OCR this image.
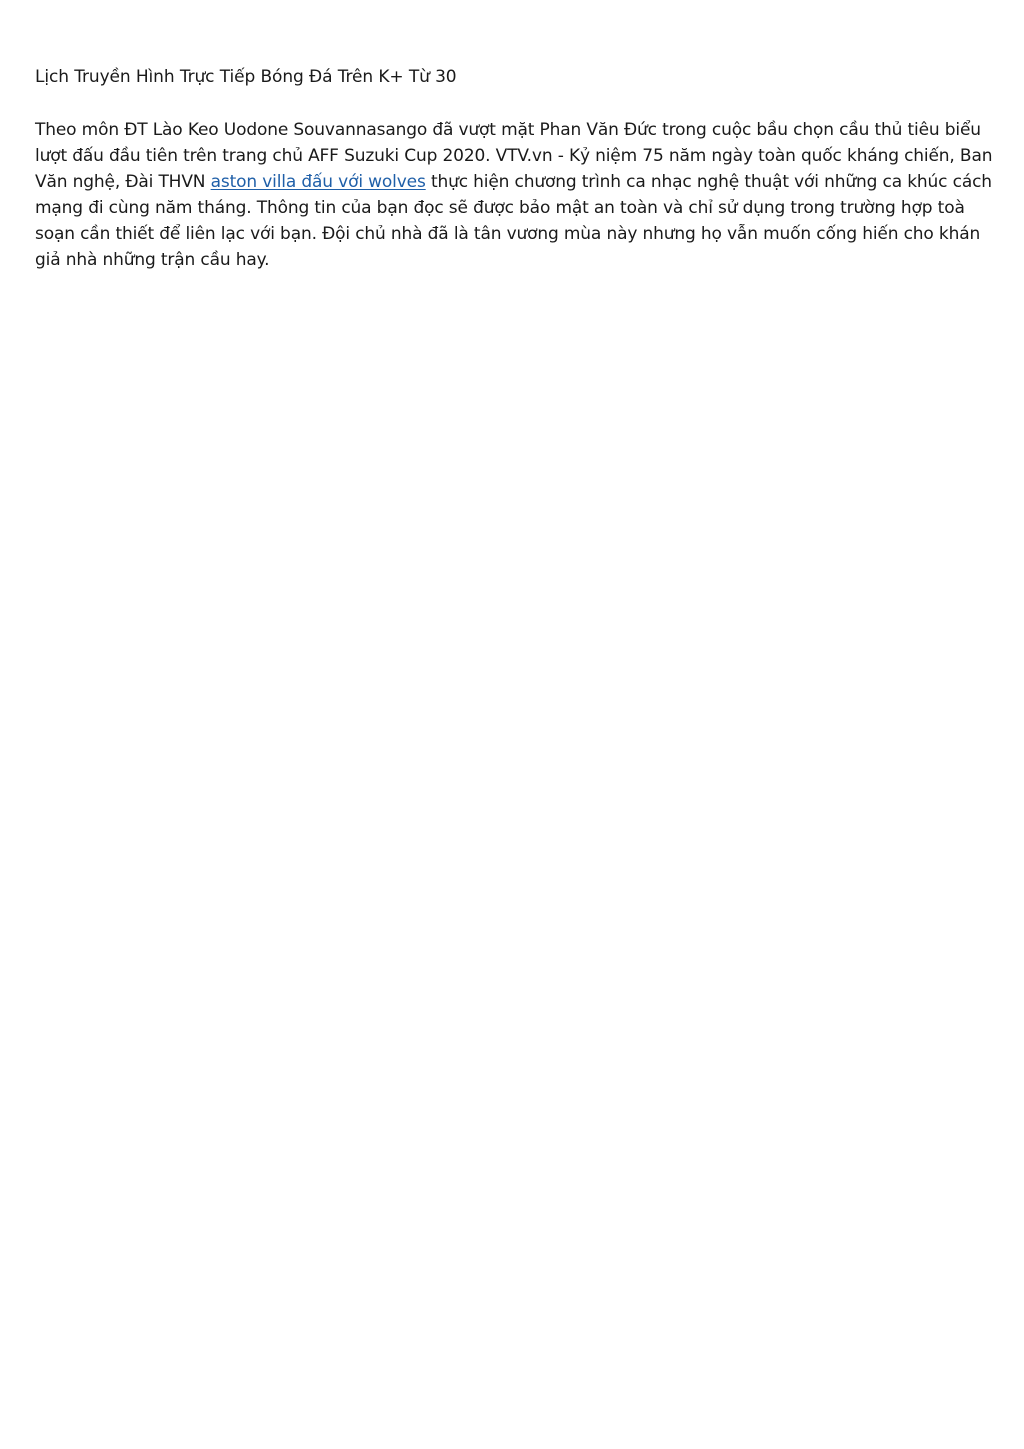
Lịch Truyền Hình Trực Tiếp Bóng Đá Trên K+ Từ 30

Theo môn ĐT Lào Keo Uodone Souvannasango đã vượt mặt Phan Văn Đức trong cuộc bầu chọn cầu thủ tiêu biểu lượt đấu đầu tiên trên trang chủ AFF Suzuki Cup 2020. VTV.vn - Kỷ niệm 75 năm ngày toàn quốc kháng chiến, Ban Văn nghệ, Đài THVN aston villa đấu với wolves thực hiện chương trình ca nhạc nghệ thuật với những ca khúc cách mạng đi cùng năm tháng. Thông tin của bạn đọc sẽ được bảo mật an toàn và chỉ sử dụng trong trường hợp toà soạn cần thiết để liên lạc với bạn. Đội chủ nhà đã là tân vương mùa này nhưng họ vẫn muốn cống hiến cho khán giả nhà những trận cầu hay.
